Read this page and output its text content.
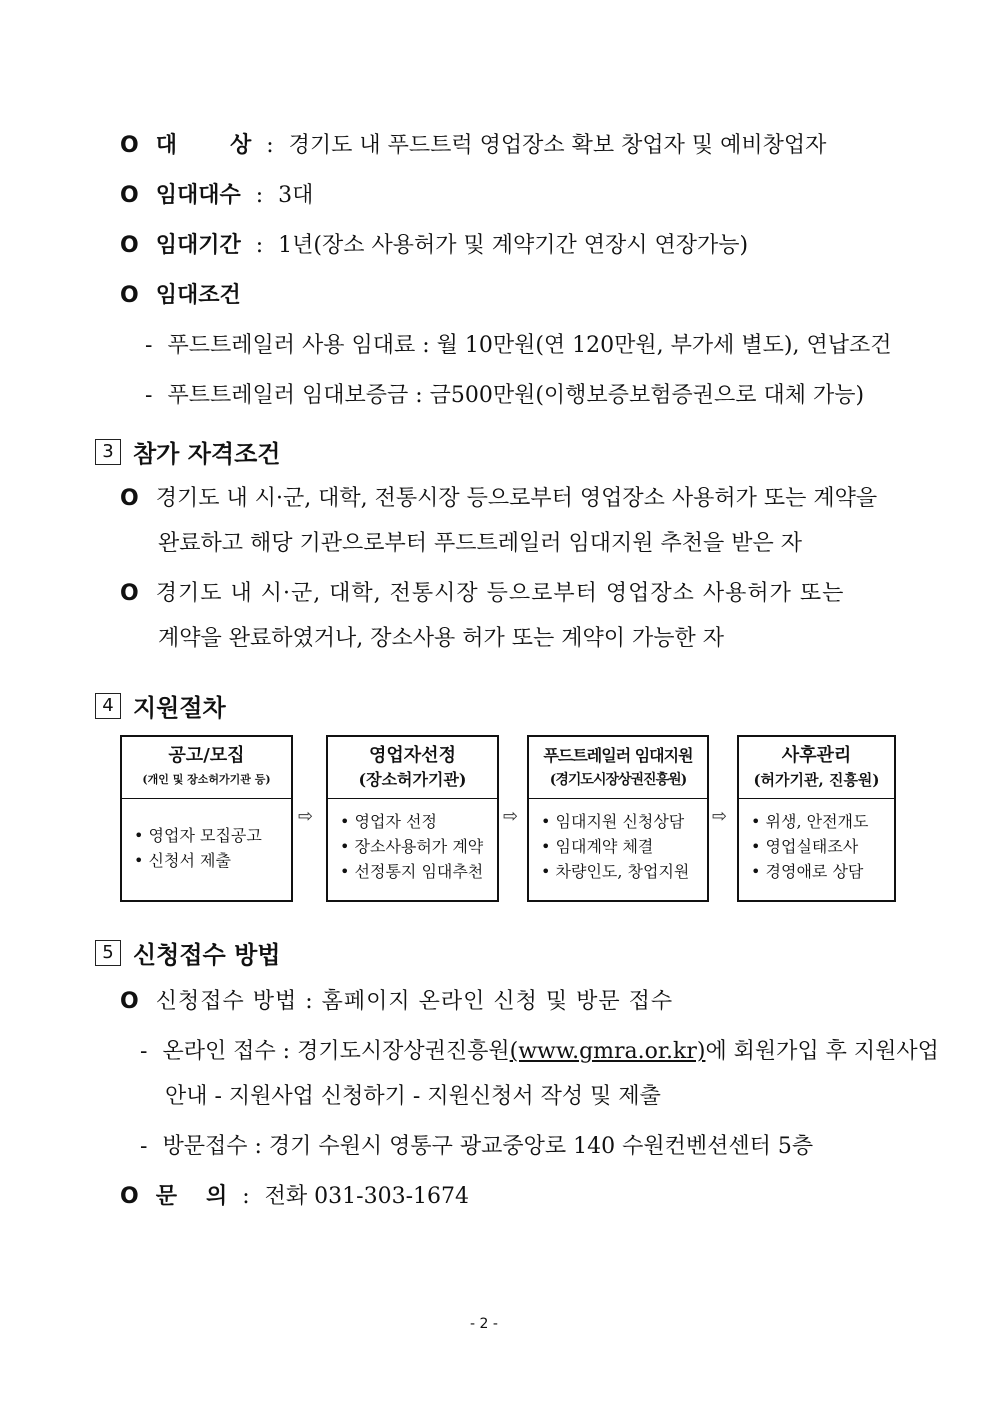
O 대 상 : 경기도 내 푸드트럭 영업장소 확보 창업자 및 예비창업자
O 임대대수 : 3대
O 임대기간 : 1년(장소 사용허가 및 계약기간 연장시 연장가능)
O 임대조건
- 푸드트레일러 사용 임대료 : 월 10만원(연 120만원, 부가세 별도), 연납조건
- 푸트트레일러 임대보증금 : 금500만원(이행보증보험증권으로 대체 가능)
3 참가 자격조건
O 경기도 내 시·군, 대학, 전통시장 등으로부터 영업장소 사용허가 또는 계약을
완료하고 해당 기관으로부터 푸드트레일러 임대지원 추천을 받은 자
O 경기도 내 시·군, 대학, 전통시장 등으로부터 영업장소 사용허가 또는
계약을 완료하였거나, 장소사용 허가 또는 계약이 가능한 자
4 지원절차
공고/모집
(개인 및 장소허가기관 등)
• 영업자 모집공고
• 신청서 제출
⇨
영업자선정
(장소허가기관)
• 영업자 선정
• 장소사용허가 계약
• 선정통지 임대추천
⇨
푸드트레일러 임대지원
(경기도시장상권진흥원)
• 임대지원 신청상담
• 임대계약 체결
• 차량인도, 창업지원
⇨
사후관리
(허가기관, 진흥원)
• 위생, 안전개도
• 영업실태조사
• 경영애로 상담
5 신청접수 방법
O 신청접수 방법 : 홈페이지 온라인 신청 및 방문 접수
- 온라인 접수 : 경기도시장상권진흥원(www.gmra.or.kr)에 회원가입 후 지원사업
안내 - 지원사업 신청하기 - 지원신청서 작성 및 제출
- 방문접수 : 경기 수원시 영통구 광교중앙로 140 수원컨벤션센터 5층
O 문 의 : 전화 031-303-1674
- 2 -
